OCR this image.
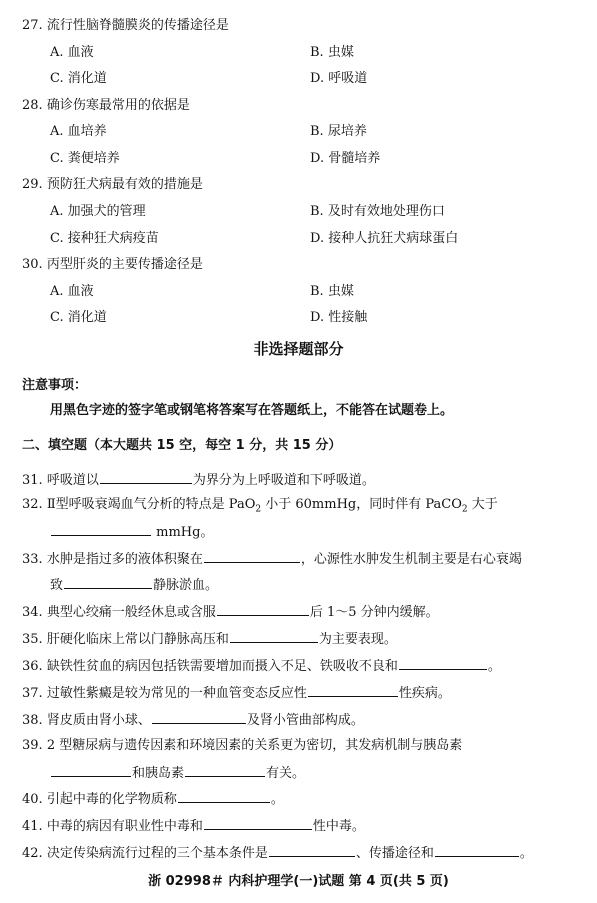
27. 流行性脑脊髓膜炎的传播途径是
A. 血液	B. 虫媒
C. 消化道	D. 呼吸道
28. 确诊伤寒最常用的依据是
A. 血培养	B. 尿培养
C. 粪便培养	D. 骨髓培养
29. 预防狂犬病最有效的措施是
A. 加强犬的管理	B. 及时有效地处理伤口
C. 接种狂犬病疫苗	D. 接种人抗狂犬病球蛋白
30. 丙型肝炎的主要传播途径是
A. 血液	B. 虫媒
C. 消化道	D. 性接触
非选择题部分
注意事项：
用黑色字迹的签字笔或钢笔将答案写在答题纸上，不能答在试题卷上。
二、填空题（本大题共 15 空，每空 1 分，共 15 分）
31. 呼吸道以	为界分为上呼吸道和下呼吸道。
32. Ⅱ型呼吸衰竭血气分析的特点是 PaO$_2$ 小于 60mmHg，同时伴有 PaCO$_2$ 大于
mmHg。
33. 水肿是指过多的液体积聚在	，心源性水肿发生机制主要是右心衰竭
致	静脉淤血。
34. 典型心绞痛一般经休息或含服	后 1～5 分钟内缓解。
35. 肝硬化临床上常以门静脉高压和	为主要表现。
36. 缺铁性贫血的病因包括铁需要增加而摄入不足、铁吸收不良和	。
37. 过敏性紫癜是较为常见的一种血管变态反应性	性疾病。
38. 肾皮质由肾小球、	及肾小管曲部构成。
39. 2 型糖尿病与遗传因素和环境因素的关系更为密切，其发病机制与胰岛素
和胰岛素	有关。
40. 引起中毒的化学物质称	。
41. 中毒的病因有职业性中毒和	性中毒。
42. 决定传染病流行过程的三个基本条件是	、传播途径和	。
浙 02998＃ 内科护理学(一)试题 第 4 页(共 5 页)
